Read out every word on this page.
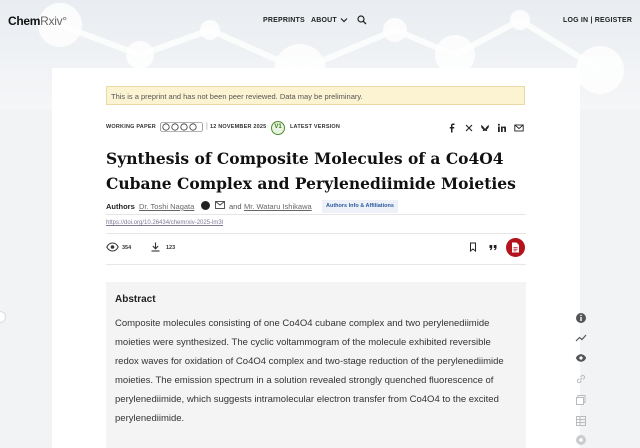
ChemRxiv°	PREPRINTS ABOUT	LOG IN | REGISTER
This is a preprint and has not been peer reviewed. Data may be preliminary.
WORKING PAPER	| 12 NOVEMBER 2025	V1	LATEST VERSION
Synthesis of Composite Molecules of a Co4O4 Cubane Complex and Perylenediimide Moieties
Authors Dr. Toshi Nagata	and Mr. Wataru Ishikawa	Authors Info & Affiliations
https://doi.org/10.26434/chemrxiv-2025-lm3l
354	123
Abstract
Composite molecules consisting of one Co4O4 cubane complex and two perylenediimide moieties were synthesized. The cyclic voltammogram of the molecule exhibited reversible redox waves for oxidation of Co4O4 complex and two-stage reduction of the perylenediimide moieties. The emission spectrum in a solution revealed strongly quenched fluorescence of perylenediimide, which suggests intramolecular electron transfer from Co4O4 to the excited perylenediimide.
